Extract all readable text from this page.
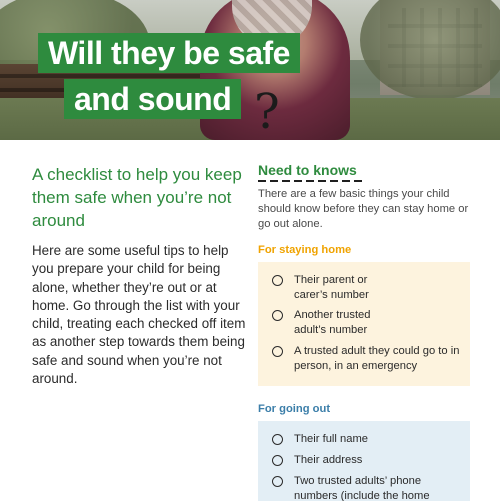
Will they be safe
and sound ?
A checklist to help you keep them safe when you’re not around
Here are some useful tips to help you prepare your child for being alone, whether they’re out or at home. Go through the list with your child, treating each checked off item as another step towards them being safe and sound when you’re not around.
Need to knows
There are a few basic things your child should know before they can stay home or go out alone.
For staying home
Their parent or carer’s number
Another trusted adult’s number
A trusted adult they could go to in person, in an emergency
For going out
Their full name
Their address
Two trusted adults’ phone numbers (include the home
